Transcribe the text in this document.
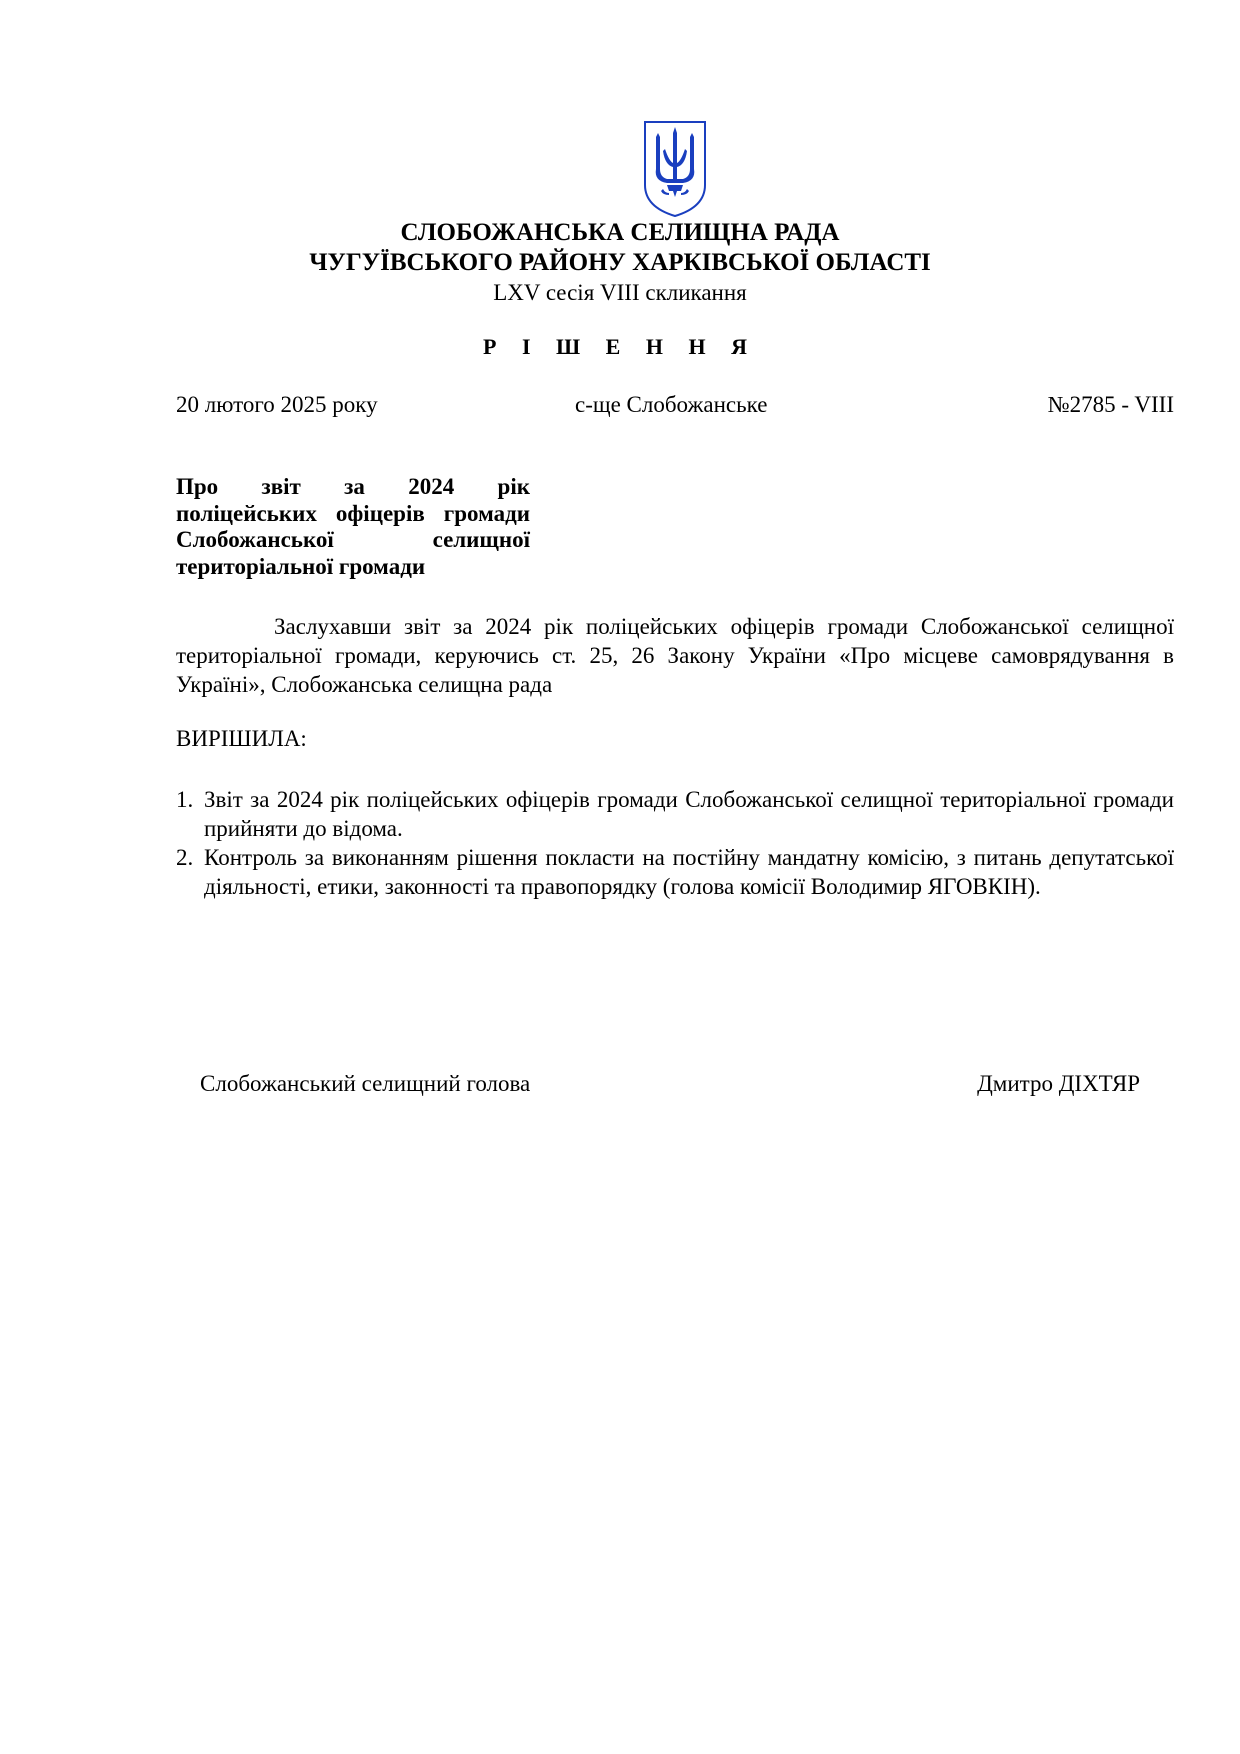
СЛОБОЖАНСЬКА СЕЛИЩНА РАДА
ЧУГУЇВСЬКОГО РАЙОНУ ХАРКІВСЬКОЇ ОБЛАСТІ
LXV сесія VIII скликання
Р І Ш Е Н Н Я
20 лютого 2025 року	с-ще Слобожанське	№2785 - VIII
Про звіт за 2024 рік
поліцейських офіцерів громади
Слобожанської селищної
територіальної громади
Заслухавши звіт за 2024 рік поліцейських офіцерів громади Слобожанської селищної територіальної громади, керуючись ст. 25, 26 Закону України «Про місцеве самоврядування в Україні», Слобожанська селищна рада
ВИРІШИЛА:
1. Звіт за 2024 рік поліцейських офіцерів громади Слобожанської селищної територіальної громади прийняти до відома.
2. Контроль за виконанням рішення покласти на постійну мандатну комісію, з питань депутатської діяльності, етики, законності та правопорядку (голова комісії Володимир ЯГОВКІН).
Слобожанський селищний голова	Дмитро ДІХТЯР
